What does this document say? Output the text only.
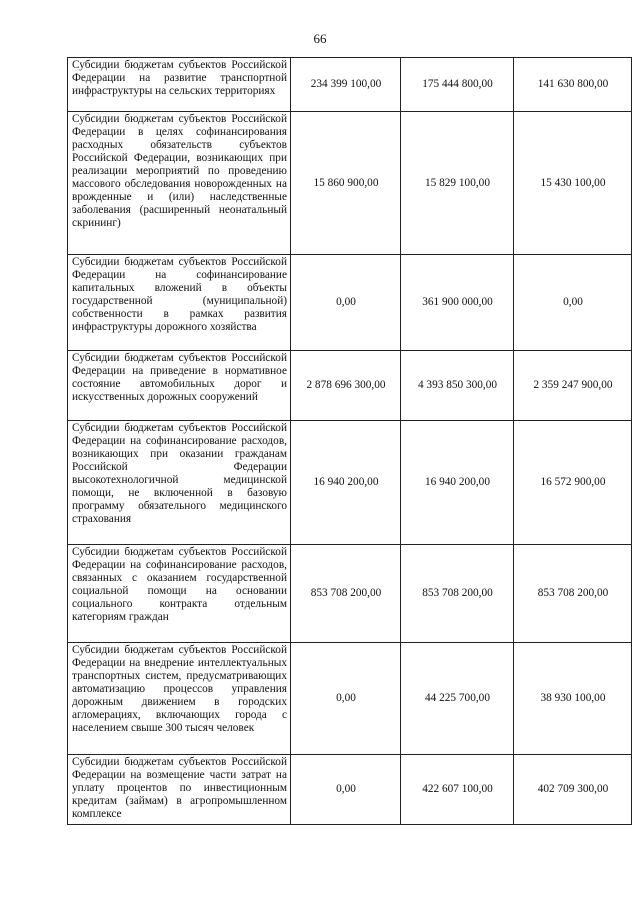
66
Субсидии бюджетам субъектов Российской Федерации на развитие транспортной инфраструктуры на сельских территориях	234 399 100,00	175 444 800,00	141 630 800,00
Субсидии бюджетам субъектов Российской Федерации в целях софинансирования расходных обязательств субъектов Российской Федерации, возникающих при реализации мероприятий по проведению массового обследования новорожденных на врожденные и (или) наследственные заболевания (расширенный неонатальный скрининг)	15 860 900,00	15 829 100,00	15 430 100,00
Субсидии бюджетам субъектов Российской Федерации на софинансирование капитальных вложений в объекты государственной (муниципальной) собственности в рамках развития инфраструктуры дорожного хозяйства	0,00	361 900 000,00	0,00
Субсидии бюджетам субъектов Российской Федерации на приведение в нормативное состояние автомобильных дорог и искусственных дорожных сооружений	2 878 696 300,00	4 393 850 300,00	2 359 247 900,00
Субсидии бюджетам субъектов Российской Федерации на софинансирование расходов, возникающих при оказании гражданам Российской Федерации высокотехнологичной медицинской помощи, не включенной в базовую программу обязательного медицинского страхования	16 940 200,00	16 940 200,00	16 572 900,00
Субсидии бюджетам субъектов Российской Федерации на софинансирование расходов, связанных с оказанием государственной социальной помощи на основании социального контракта отдельным категориям граждан	853 708 200,00	853 708 200,00	853 708 200,00
Субсидии бюджетам субъектов Российской Федерации на внедрение интеллектуальных транспортных систем, предусматривающих автоматизацию процессов управления дорожным движением в городских агломерациях, включающих города с населением свыше 300 тысяч человек	0,00	44 225 700,00	38 930 100,00
Субсидии бюджетам субъектов Российской Федерации на возмещение части затрат на уплату процентов по инвестиционным кредитам (займам) в агропромышленном комплексе	0,00	422 607 100,00	402 709 300,00
